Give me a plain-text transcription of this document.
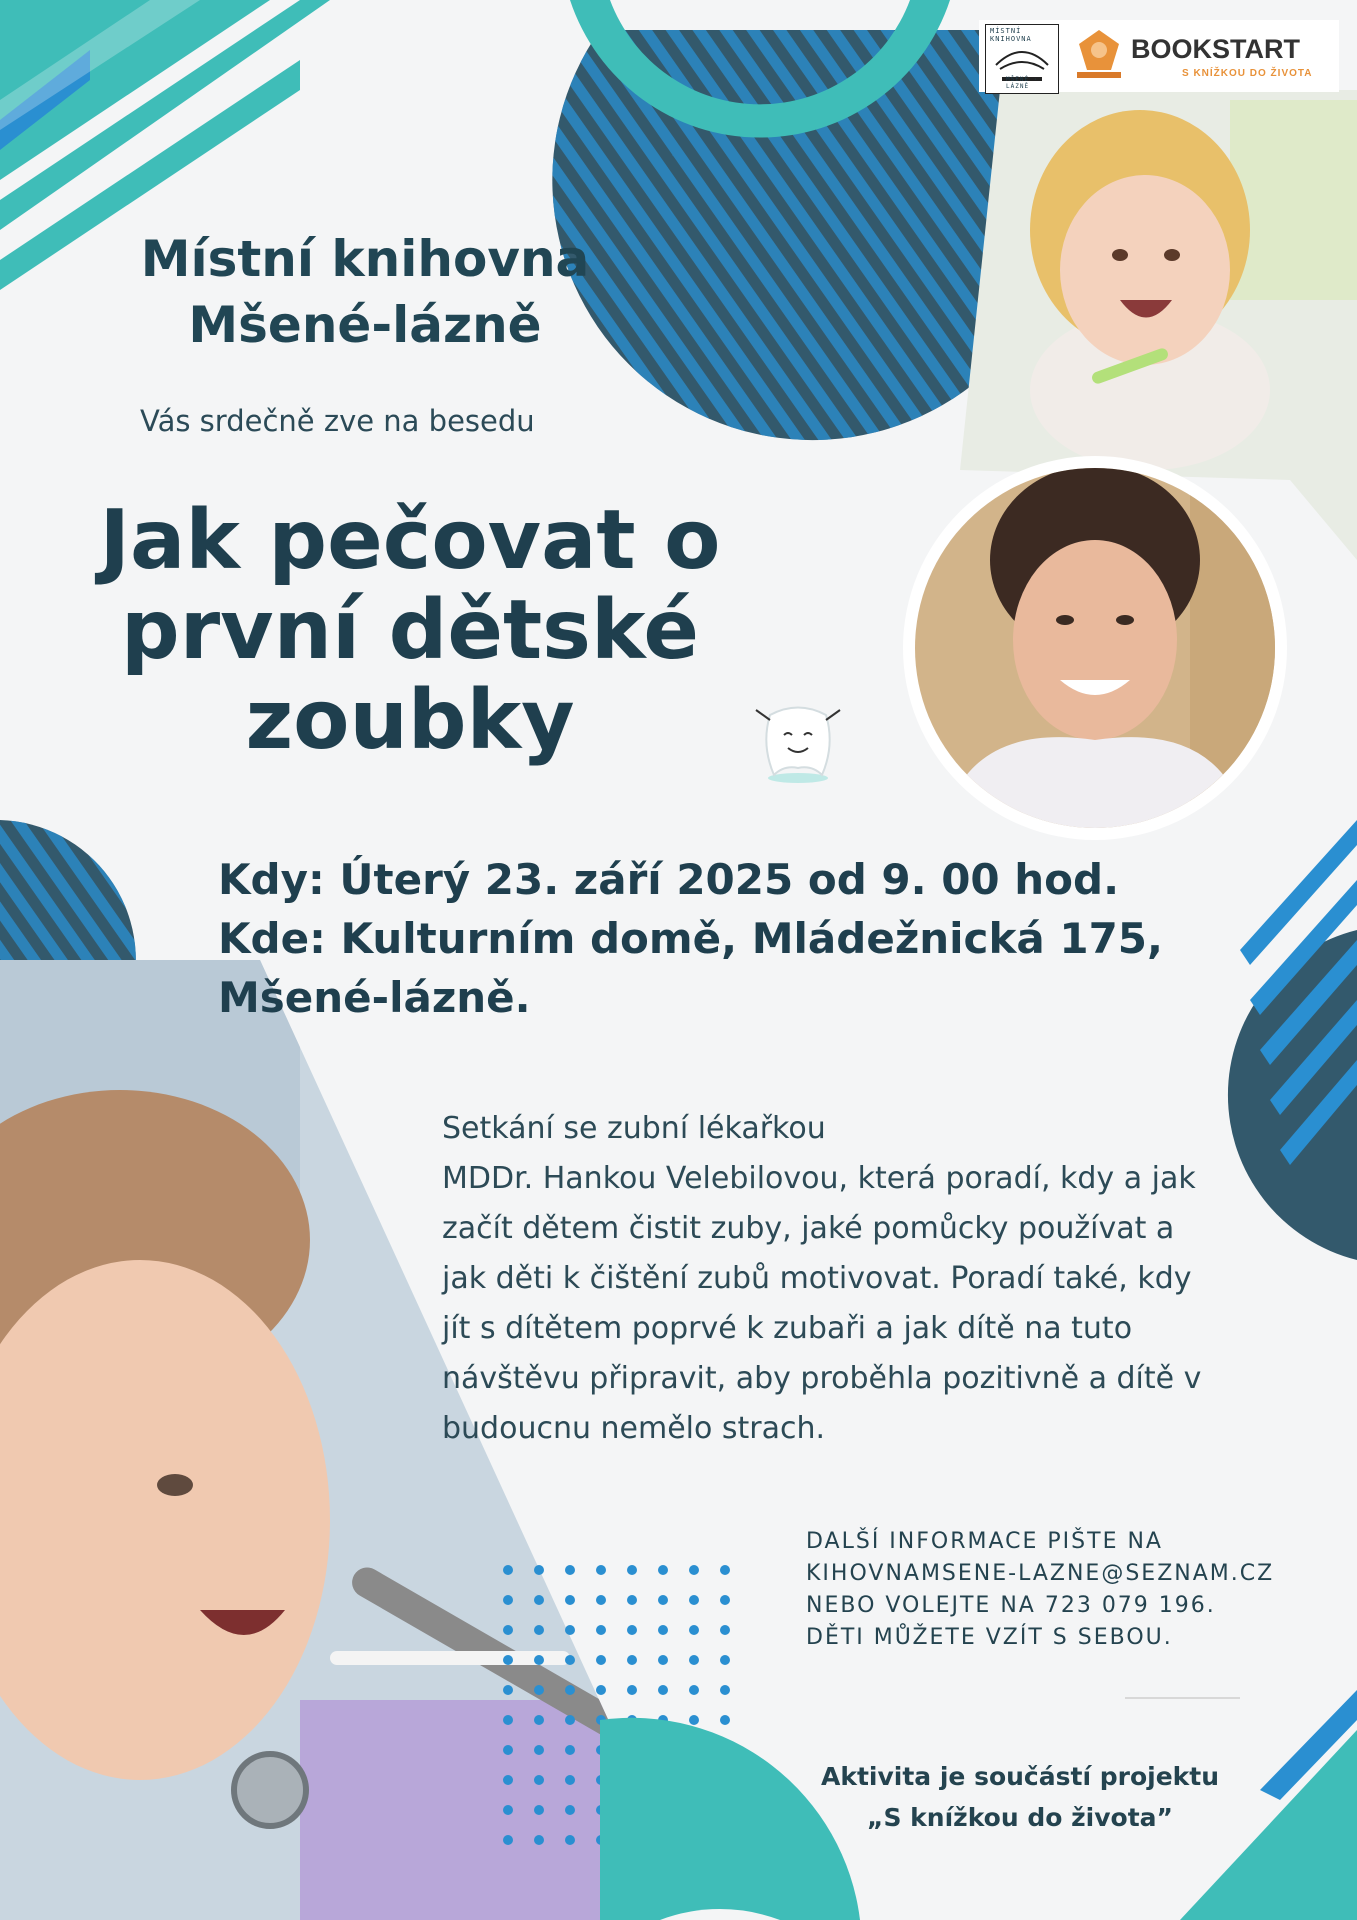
MÍSTNÍ KNIHOVNA
MŠENÉ · LÁZNĚ
BOOKSTART
S KNÍŽKOU DO ŽIVOTA
Místní knihovna
Mšené-lázně
Vás srdečně zve na besedu
Jak pečovat o
první dětské
zoubky
Kdy: Úterý 23. září 2025 od 9. 00 hod.
Kde: Kulturním domě, Mládežnická 175,
Mšené-lázně.

Setkání se zubní lékařkou

MDDr. Hankou Velebilovou, která poradí, kdy a jak

začít dětem čistit zuby, jaké pomůcky používat a

jak děti k čištění zubů motivovat. Poradí také, kdy

jít s dítětem poprvé k zubaři a jak dítě na tuto

návštěvu připravit, aby proběhla pozitivně a dítě v

budoucnu nemělo strach.

DALŠÍ INFORMACE PIŠTE NA
KIHOVNAMSENE-LAZNE@SEZNAM.CZ
NEBO VOLEJTE NA 723 079 196.
DĚTI MŮŽETE VZÍT S SEBOU.
Aktivita je součástí projektu
„S knížkou do života”
